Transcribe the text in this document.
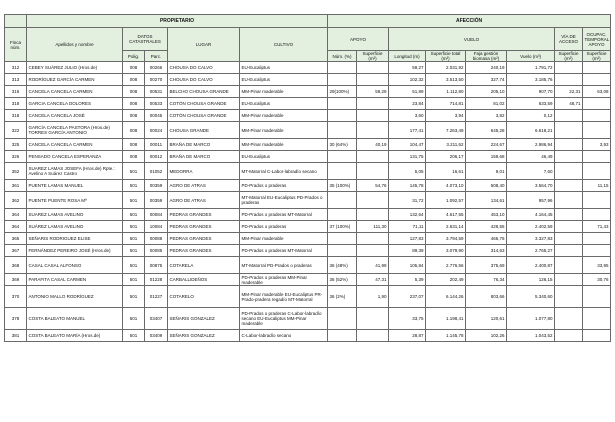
	PROPIETARIO					AFECCIÓN							
Finca núm.	Apellidos y nombre	DATOS CATASTRALES		LUGAR	CULTIVO	APOYO		VUELO				VÍA DE ACCESO	OCUPAC. TEMPORAL APOYO
		Polig.	Parc.			Núm. (%)	Superficie (m²)	Longitud (m)	Superficie total (m²)	Faja gestión biomasa (m²)	Vuelo (m³)	Superficie (m²)	Superficie (m²)
312	CEBEY SUÁREZ JULIO (Hros.de)	008	00266	CHOUSA DO CALVO	EU-Eucaliptus			59,27	2.031,92	240,19	1.791,72		
313	RODRÍGUEZ GARCÍA CARMEN	008	00270	CHOUSA DO CALVO	EU-Eucaliptus			102,32	3.513,50	327,74	3.185,76		
316	CANCELA CANCELA CARMEN	008	00531	BELCHO CHOUSA GRANDE	MM-Pinar maderable	29(100%)	59,29	51,89	1.112,80	205,10	907,70	22,31	63,08
318	GARCIA CANCELA DOLORES	008	00533	COTÓN CHOUSA GRANDE	EU-Eucaliptus			23,84	714,81	81,02	633,59	48,71	
318	CANCELA CANCELA JOSÉ	008	00045	COTÓN CHOUSA GRANDE	MM-Pinar maderable			3,60	3,94	3,82	0,12		
322	GARCÍA CANCELA PASTORA (Hros.de) TORRES GARCÍA ANTONIO	008	00024	CHOUSA GRANDE	MM-Pinar maderable			177,41	7.263,49	645,28	6.618,21		
325	CANCELA CANCELA CARMEN	008	00011	BRAÑA DE MARCO	MM-Pinar maderable	30 (64%)	40,19	104,47	3.211,62	224,67	2.986,94		3,93
326	PENSADO CANCELA ESPERANZA	008	00012	BRAÑA DE MARCO	EU-Eucaliptus			131,75	206,17	159,68	46,49		
352	SUAREZ LAMAS JOSEFA (Hros.de) Rpte.: Avelino A Suárez Castro	501	01052	MEDORRA	MT-Matorral C-Labor-labradío secano			5,05	16,61	9,01	7,60		
361	PUENTE LAMAS MANUEL	501	00359	AGRO DE ATRAS	PD-Prados o praderas	35 (100%)	54,76	145,78	4.073,10	508,40	3.564,70		11,15
362	PUENTE PUENTE ROSA Mª	501	00359	AGRO DE ATRAS	MT-Matorral EU-Eucaliptus PD-Prados o praderas			31,72	1.092,57	134,61	957,96		
364	SUAREZ LAMAS AVELINO	501	00084	PEDRAS GRANDES	PD-Prados o praderas MT-Matorral			132,64	4.617,55	453,10	4.164,45		
364	SUÁREZ LAMAS AVELINO	501	10084	PEDRAS GRANDES	PD-Prados o praderas	37 (100%)	111,30	71,11	2.631,14	428,55	2.402,59		71,43
365	SEÑARIS RODRIGUEZ ELISE	501	00088	PEDRAS GRANDES	MM-Pinar maderable			127,83	3.794,59	466,76	3.327,83		
367	FERNÁNDEZ PEREIRO JOSÉ (Hros.de)	501	00085	PEDRAS GRANDES	PD-Prados o praderas MT-Matorral			89,39	3.079,90	314,63	2.765,27		
368	CASAL CASAL ALFONSO	501	00875	COTARELA	MT-Matorral PD-Prados o praderas	36 (48%)	41,99	105,84	2.776,56	375,69	2.400,87		33,95
369	PARAFITA CASAL CARMEN	501	01228	CARBALLIDEÑOS	PD-Prados o praderas MM-Pinar maderable	36 (52%)	47,31	5,39	202,49	76,34	126,15		30,76
370	ANTONIO MALLO RODRÍGUEZ	501	01227	COTARELO	MM-Pinar maderable EU-Eucaliptus PR-Prado-pradera regadío MT-Matorral	36 (2%)	1,90	237,07	6.144,26	803,66	5.340,60		
378	COSTA BALEATO MANUEL	501	03407	SEÑARIS GONZALEZ	PD-Prados o praderas C-Labor-labradío secano EU-Eucaliptus MM-Pinar maderable			33,75	1.198,41	120,61	1.077,80		
381	COSTA BALEATO MARÍA (Hros.de)	501	03409	SEÑARIS GONZALEZ	C-Labor-labradío secano			28,87	1.145,78	102,26	1.043,52		
